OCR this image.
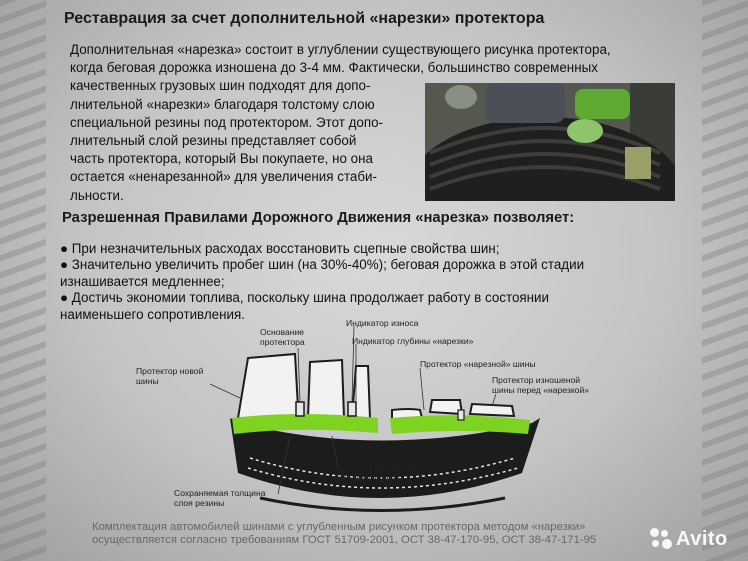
Реставрация за счет дополнительной «нарезки» протектора
Дополнительная «нарезка» состоит в углублении существующего рисунка протектора,
когда беговая дорожка изношена до 3-4 мм. Фактически, большинство современных
качественных грузовых шин подходят для допо-
лнительной «нарезки» благодаря толстому слою
специальной резины под протектором. Этот допо-
лнительный слой резины представляет собой
часть протектора, который Вы покупаете, но она
остается «ненарезанной» для увеличения стаби-
льности.
Разрешенная Правилами Дорожного Движения «нарезка» позволяет:
● При незначительных расходах восстановить сцепные свойства шин;
● Значительно увеличить пробег шин (на 30%-40%); беговая дорожка в этой стадии
изнашивается медленнее;
● Достичь экономии топлива, поскольку шина продолжает работу в состоянии
наименьшего сопротивления.
Основание
протектора
Индикатор износа
Индикатор глубины «нарезки»
Протектор новой
шины
Протектор «нарезной» шины
Протектор изношеной
шины перед «нарезкой»
Толщина слоя резины
для «нарезания»
Сохраняемая толщина
слоя резины
Комплектация автомобилей шинами с углубленным рисунком протектора методом «нарезки»
осуществляется согласно требованиям ГОСТ 51709-2001, ОСТ 38-47-170-95, ОСТ 38-47-171-95	Avito
